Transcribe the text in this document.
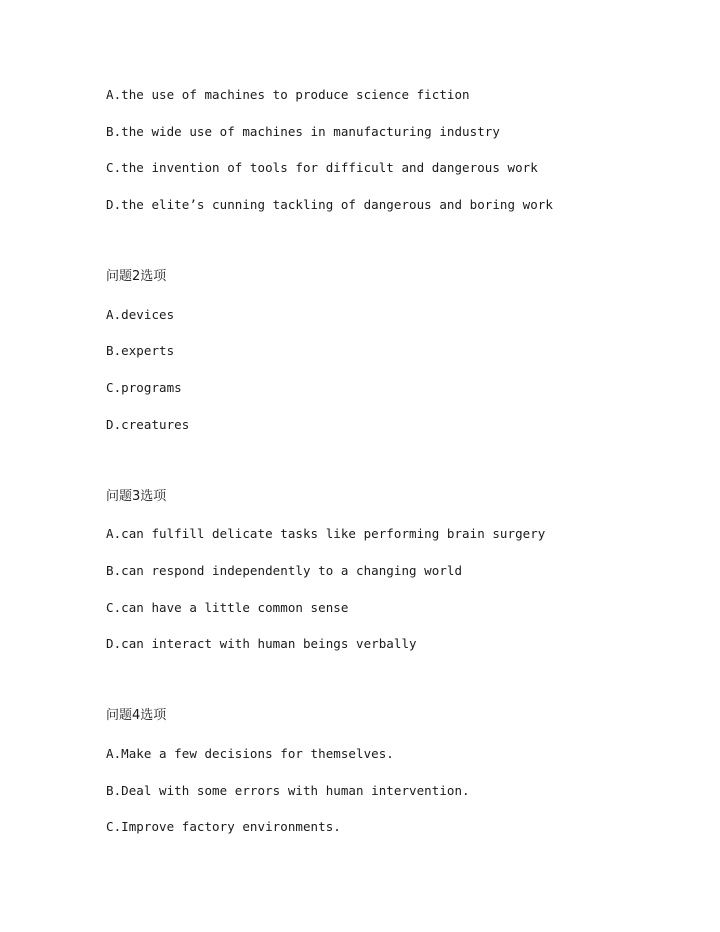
A.the use of machines to produce science fiction

B.the wide use of machines in manufacturing industry

C.the invention of tools for difficult and dangerous work

D.the elite’s cunning tackling of dangerous and boring work

问题2选项

A.devices

B.experts

C.programs

D.creatures

问题3选项

A.can fulfill delicate tasks like performing brain surgery

B.can respond independently to a changing world

C.can have a little common sense

D.can interact with human beings verbally

问题4选项

A.Make a few decisions for themselves.

B.Deal with some errors with human intervention.

C.Improve factory environments.
